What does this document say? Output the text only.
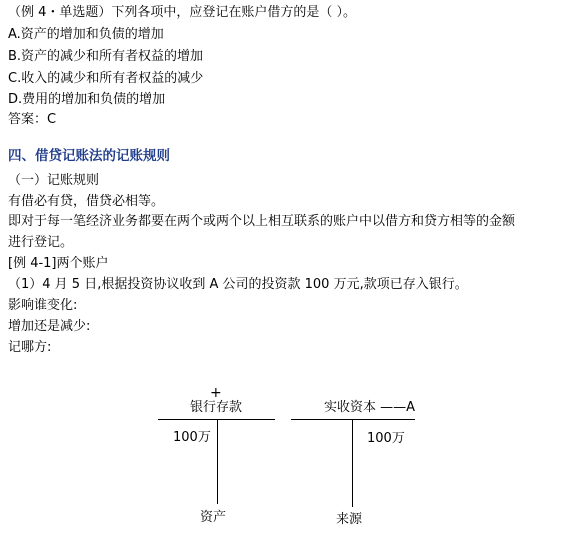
（例 4・单选题）下列各项中，应登记在账户借方的是（ ）。
A.资产的增加和负债的增加
B.资产的减少和所有者权益的增加
C.收入的减少和所有者权益的减少
D.费用的增加和负债的增加
答案：C
四、借贷记账法的记账规则
（一）记账规则
有借必有贷，借贷必相等。
即对于每一笔经济业务都要在两个或两个以上相互联系的账户中以借方和贷方相等的金额
进行登记。
[例 4-1]两个账户
（1）4 月 5 日,根据投资协议收到 A 公司的投资款 100 万元,款项已存入银行。
影响谁变化:
增加还是减少:
记哪方:
+
银行存款
100万
资产
实收资本 ——A
100万
来源
